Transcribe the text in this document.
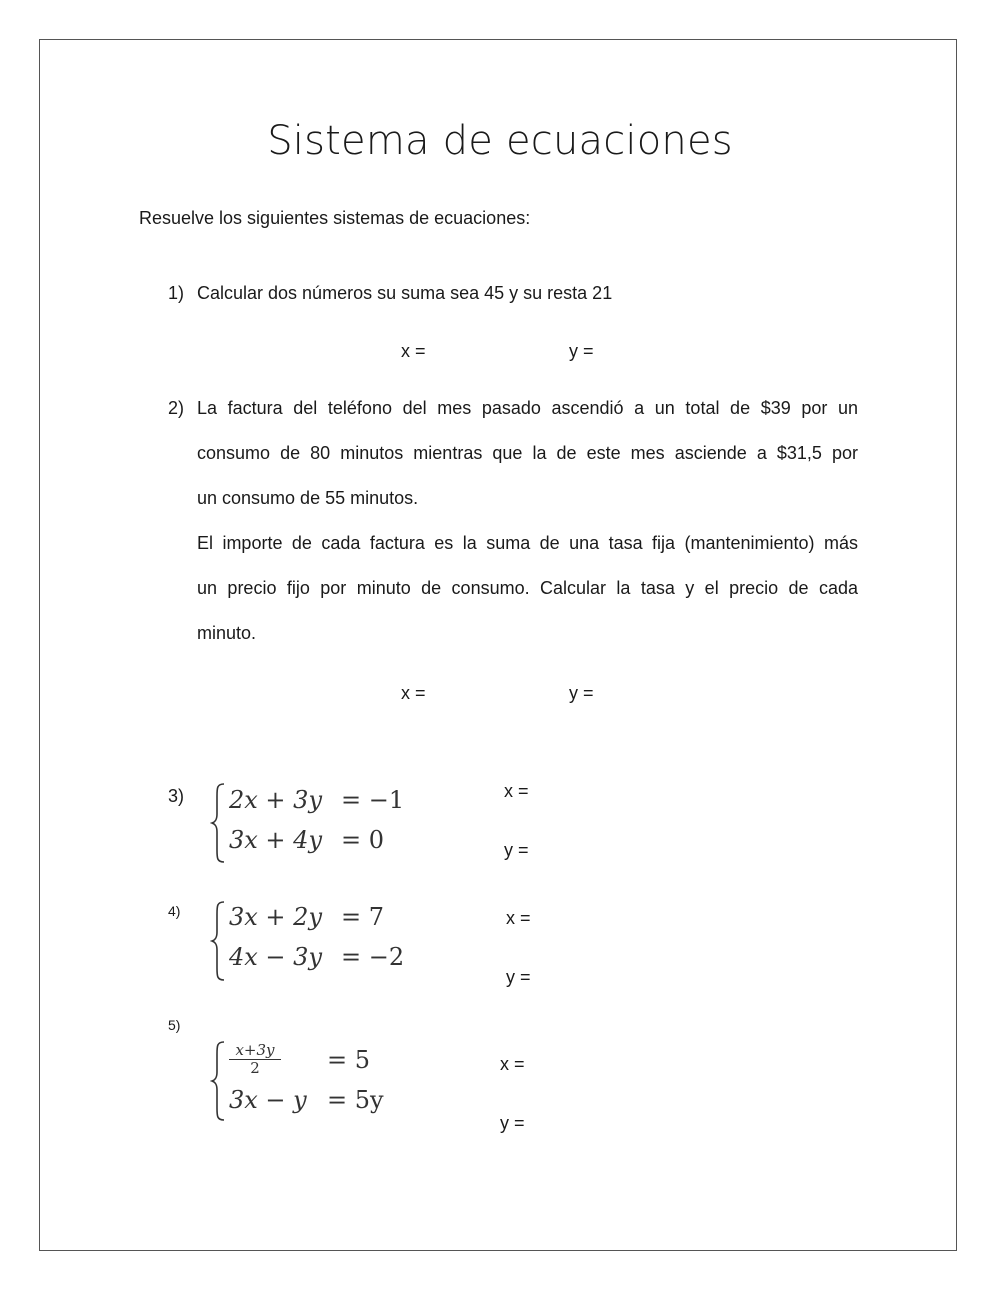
Sistema de ecuaciones
Resuelve los siguientes sistemas de ecuaciones:
1) Calcular dos números su suma sea 45 y su resta 21
x =	y =
2) La factura del teléfono del mes pasado ascendió a un total de $39 por un
consumo de 80 minutos mientras que la de este mes asciende a $31,5 por
un consumo de 55 minutos.
El importe de cada factura es la suma de una tasa fija (mantenimiento) más
un precio fijo por minuto de consumo. Calcular la tasa y el precio de cada
minuto.
x =	y =
3) 2x + 3y = −1
3x + 4y = 0
x =
y =
4) 3x + 2y = 7
4x − 3y = −2
x =
y =
5)
$\frac{x+3y}{2} = 5$
3x − y = 5y
x =
y =
